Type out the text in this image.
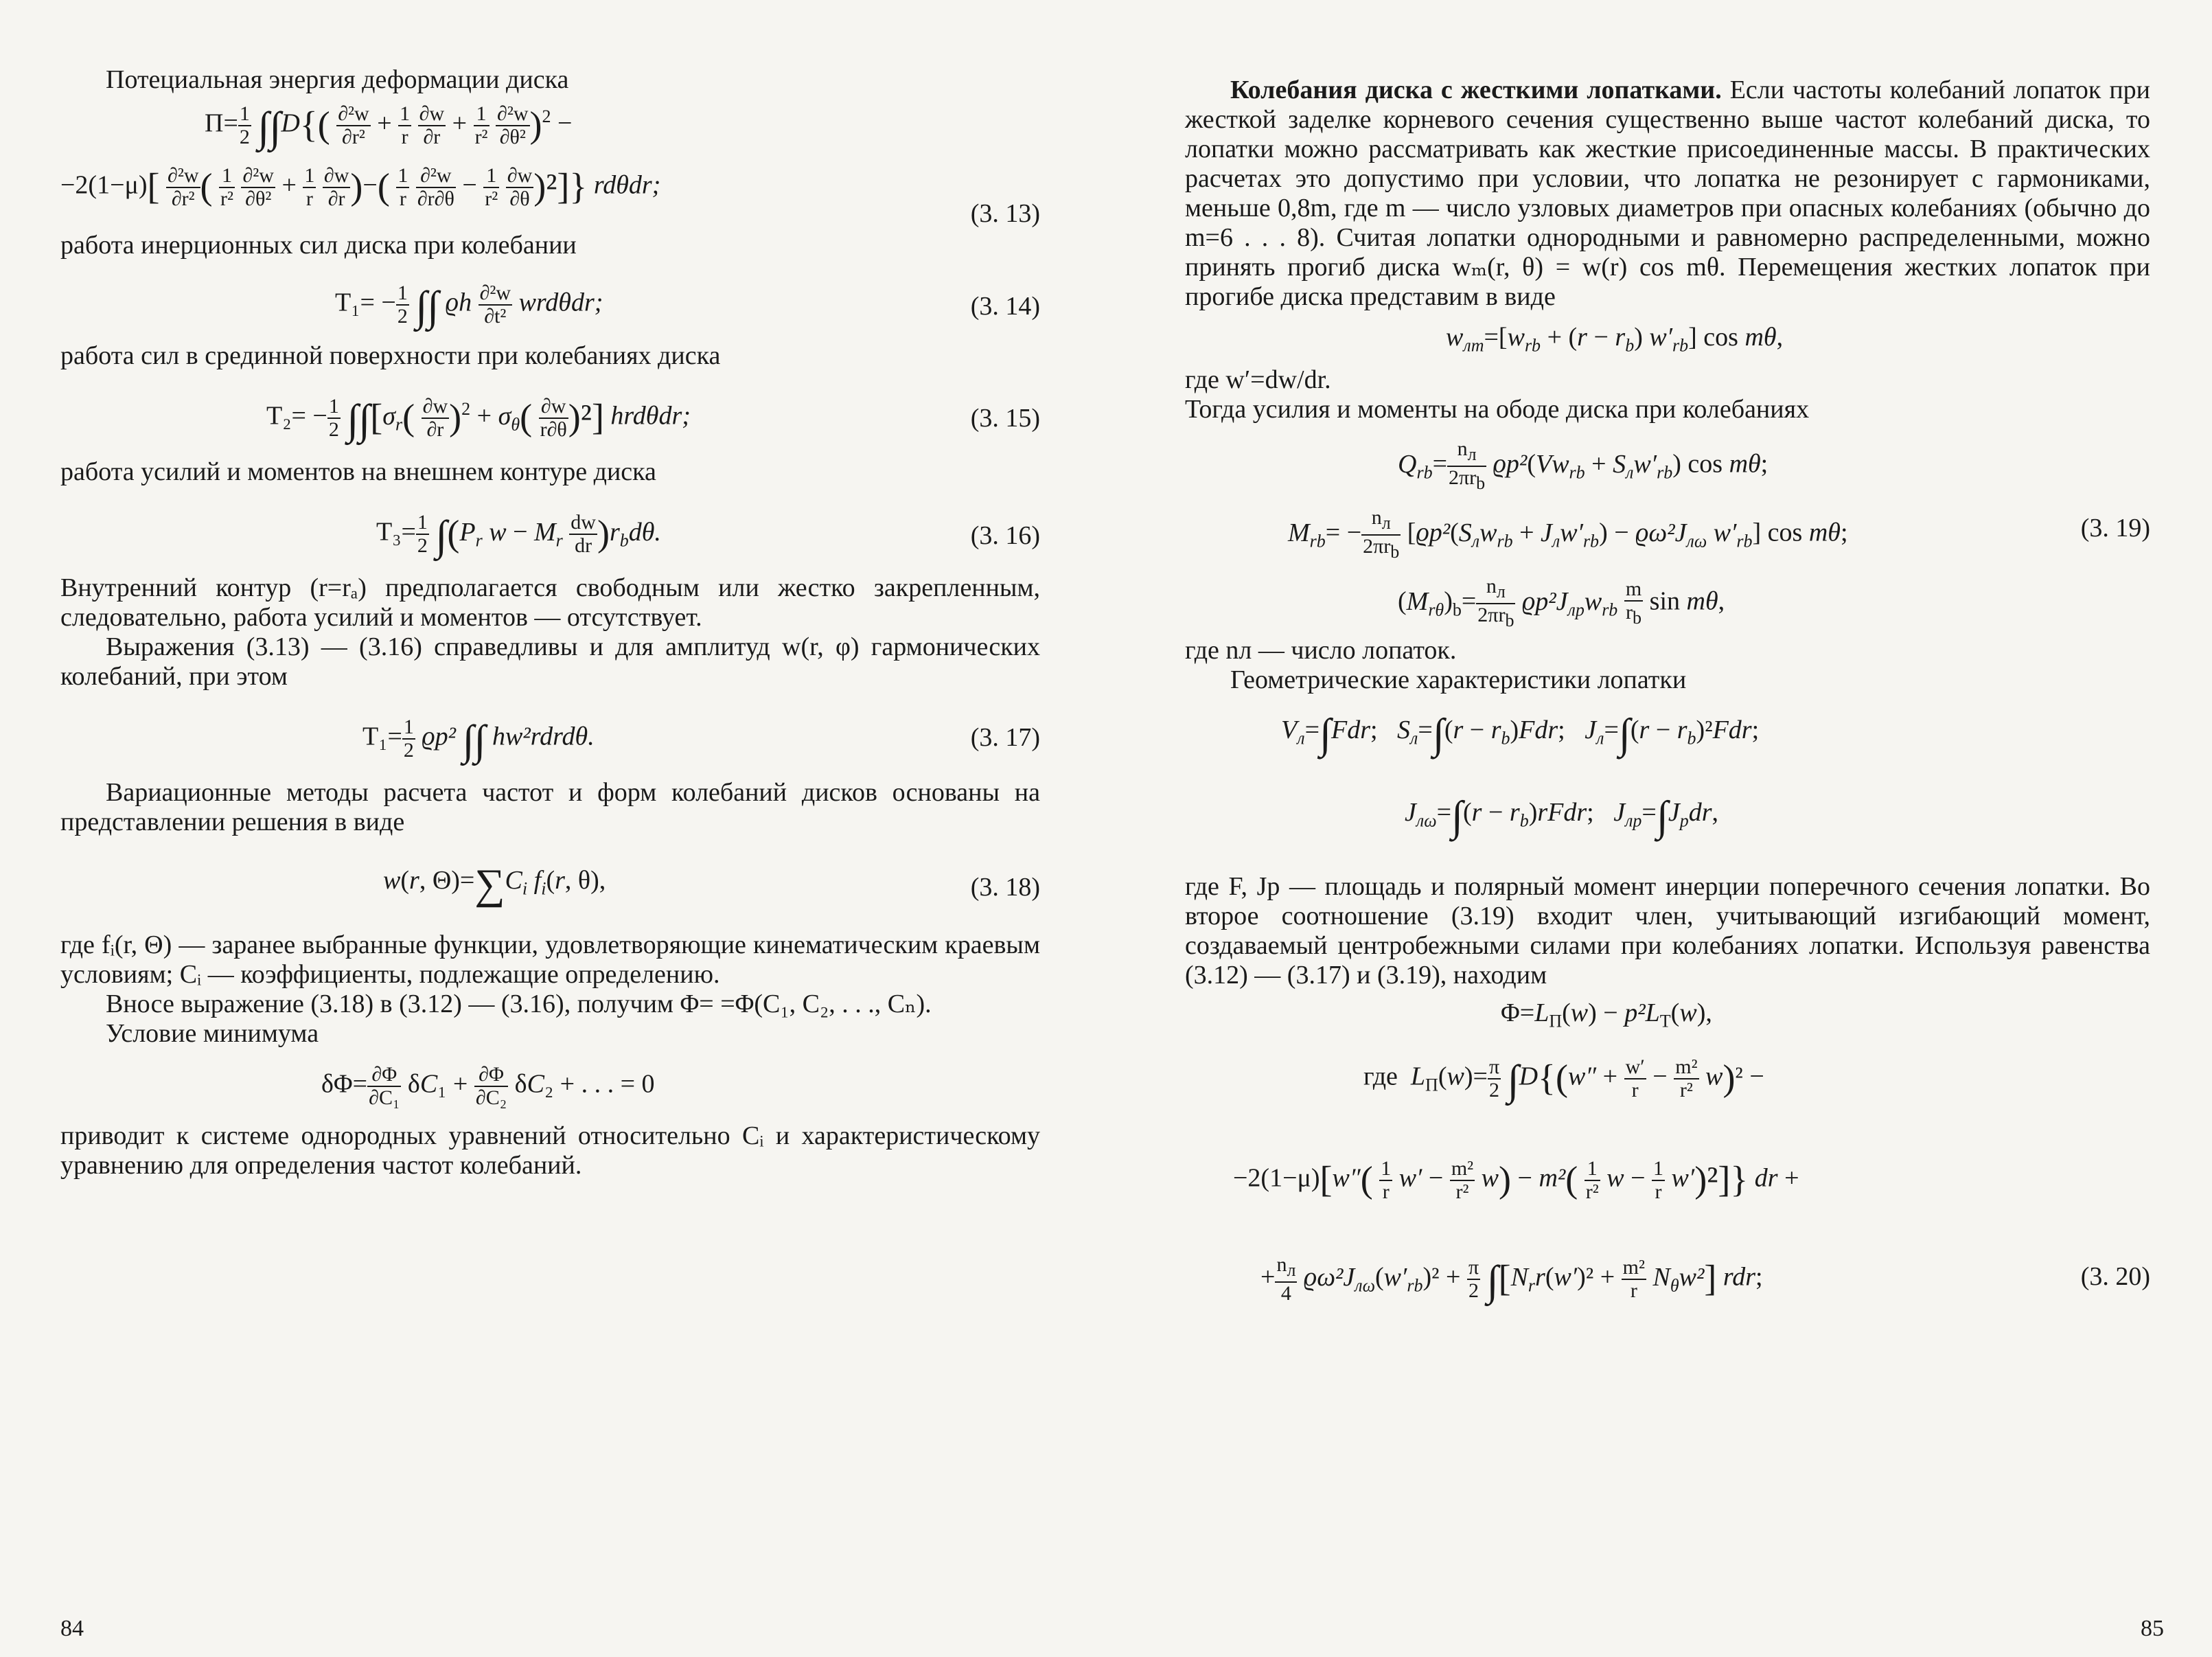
Потециальная энергия деформации диска

$\Pi= \frac{1}{2} \int\int D\{( \frac{\text{∂²w}}{\text{∂r²}} + \frac{1}{r}$
$\frac{\partial w}{\partial r} + \frac{1}{\text{r²}}$
$\frac{\text{∂²w}}{\text{∂θ²}} )^2$ −
$-2(1-\mu)[ \frac{\text{∂²w}}{\text{∂r²}}$ ( $\frac{1}{\text{r²}}$
$\frac{\text{∂²w}}{\text{∂θ²}} + \frac{1}{r}$
$\frac{\partial w}{\partial r}$ )−( $\frac{1}{r}$
$\frac{\text{∂²w}}{\partial r\partial\theta} - \frac{1}{\text{r²}}$
$\frac{\partial w}{\partial\theta} )^2$]} rdθdr;
(3. 13)

работа инерционных сил диска при колебании

$T_1= - \frac{1}{2}$ ∫∫ ϱh $\frac{\text{∂²w}}{\text{∂t²}} wrd\theta dr$;	(3. 14)

работа сил в срединной поверхности при колебаниях диска

$T_2= - \frac{1}{2} \int\int[\sigma_r( \frac{\partial w}{\partial r} )^2 + \sigma_\theta( \frac{\partial w}{r\partial\theta} )^2]$ hrdθdr;	(3. 15)

работа усилий и моментов на внешнем контуре диска

$T_3= \frac{1}{2} \int(P_r$ $w - M_r \frac{dw}{dr} )r_bd\theta$.	(3. 16)

Внутренний контур (r=rₐ) предполагается свободным или жестко закрепленным, следовательно, работа усилий и моментов — отсутствует.

Выражения (3.13) — (3.16) справедливы и для амплитуд w(r, φ) гармонических колебаний, при этом

$T_1= \frac{1}{2} ϱp^2$ ∫∫ hw²rdrdθ.	(3. 17)

Вариационные методы расчета частот и форм колебаний дисков основаны на представлении решения в виде

w(r, $\Theta)=\sum C_i$ $f_i(r$, θ),	(3. 18)

где fᵢ(r, Θ) — заранее выбранные функции, удовлетворяющие кинематическим краевым условиям; Cᵢ — коэффициенты, подлежащие определению.

Вносе выражение (3.18) в (3.12) — (3.16), получим Φ= =Φ(C₁, C₂, . . ., Cₙ).

Условие минимума

$\delta\Phi= \frac{\partial\Phi}{\text{∂C₁}} \delta C_1 + \frac{\partial\Phi}{\text{∂C₂}} \delta C_2$ + . . . = 0

приводит к системе однородных уравнений относительно Cᵢ и характеристическому уравнению для определения частот колебаний.

84

Колебания диска с жесткими лопатками. Если частоты колебаний лопаток при жесткой заделке корневого сечения существенно выше частот колебаний диска, то лопатки можно рассматривать как жесткие присоединенные массы. В практических расчетах это допустимо при условии, что лопатка не резонирует с гармониками, меньше 0,8m, где m — число узловых диаметров при опасных колебаниях (обычно до m=6 . . . 8). Считая лопатки однородными и равномерно распределенными, можно принять прогиб диска wₘ(r, θ) = w(r) cos mθ. Перемещения жестких лопаток при прогибе диска представим в виде

$w_{лm}=[w_{rb} + (r - r_b)$ $w'_{rb}$] cos mθ,

где w′=dw/dr.

Тогда усилия и моменты на ободе диска при колебаниях

$Q_{rb}= \frac{n_л}{2\pi r_b} ϱp^2(Vw_{rb} + S_лw'_{rb})$ cos mθ;
$M_{rb}= - \frac{n_л}{2\pi r_b} [ϱp^2(S_лw_{rb} + J_лw'_{rb}) - ϱ\omega^2J_{л\omega}$ $w'_{rb}$] cos mθ;
$(M_{r\theta})_b= \frac{n_л}{2\pi r_b} ϱp^2J_{лp}w_{rb} \frac{m}{r_b}$ sin mθ,
(3. 19)

где nл — число лопаток.

Геометрические характеристики лопатки

$V_л=\int Fdr$;   $S_л=\int(r - r_b)Fdr$;   $J_л=\int(r - r_b)^2Fdr$;
$J_{л\omega}=\int(r$ − $r_b)rFdr$;   $J_{лp}=\int J_pdr$,

где F, Jp — площадь и полярный момент инерции поперечного сечения лопатки. Во второе соотношение (3.19) входит член, учитывающий изгибающий момент, создаваемый центробежными силами при колебаниях лопатки. Используя равенства (3.12) — (3.17) и (3.19), находим

$\Phi=L_П(w) - p^2L_T(w)$,
где $L_П(w)= \frac{\pi}{2} \int D\{(w'' + \frac{w'}{r} - \frac{\text{m²}}{\text{r²}} w)^2$ −
$-2(1-\mu)[w''( \frac{1}{r} w' - \frac{\text{m²}}{\text{r²}} w) - m^2( \frac{1}{\text{r²}}$ $w - \frac{1}{r} w')^2$]} dr +
+ $\frac{n_л}{4} ϱ\omega^2J_{л\omega}(w'_{rb})^2 + \frac{\pi}{2} \int[N_rr(w')^2 + \frac{\text{m²}}{r} N_\theta w^2]$ rdr;	(3. 20)
85
